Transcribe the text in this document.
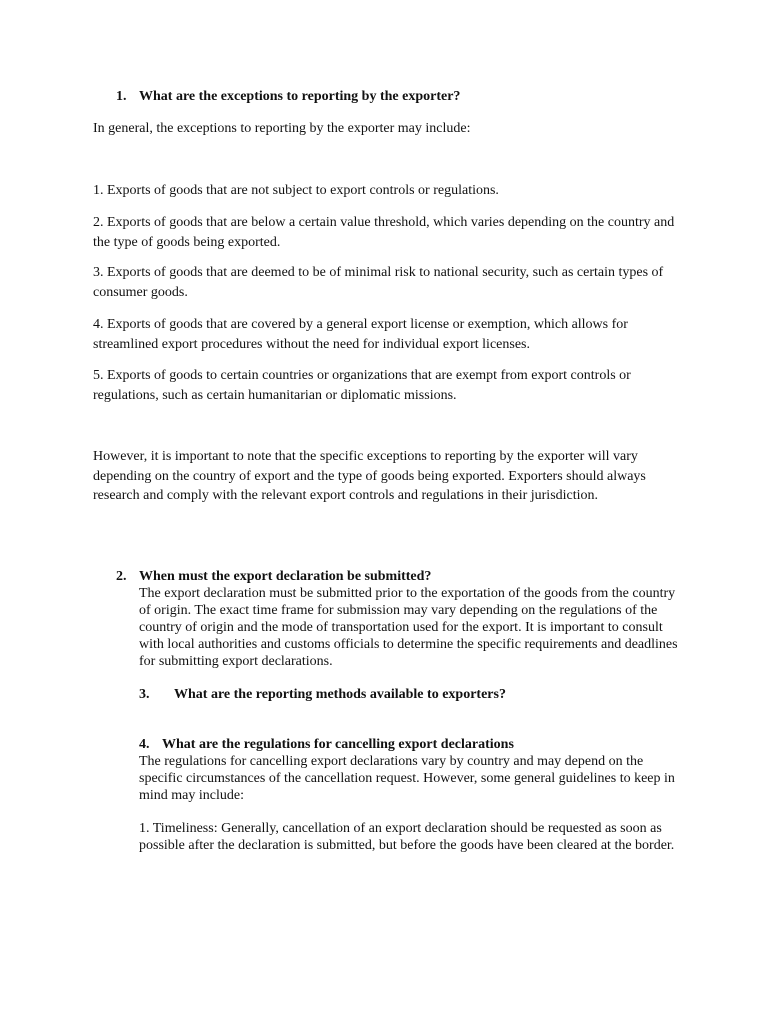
1. What are the exceptions to reporting by the exporter?
In general, the exceptions to reporting by the exporter may include:
1. Exports of goods that are not subject to export controls or regulations.
2. Exports of goods that are below a certain value threshold, which varies depending on the country and the type of goods being exported.
3. Exports of goods that are deemed to be of minimal risk to national security, such as certain types of consumer goods.
4. Exports of goods that are covered by a general export license or exemption, which allows for streamlined export procedures without the need for individual export licenses.
5. Exports of goods to certain countries or organizations that are exempt from export controls or regulations, such as certain humanitarian or diplomatic missions.
However, it is important to note that the specific exceptions to reporting by the exporter will vary depending on the country of export and the type of goods being exported. Exporters should always research and comply with the relevant export controls and regulations in their jurisdiction.
2. When must the export declaration be submitted?
The export declaration must be submitted prior to the exportation of the goods from the country of origin. The exact time frame for submission may vary depending on the regulations of the country of origin and the mode of transportation used for the export. It is important to consult with local authorities and customs officials to determine the specific requirements and deadlines for submitting export declarations.
3. What are the reporting methods available to exporters?
4. What are the regulations for cancelling export declarations
The regulations for cancelling export declarations vary by country and may depend on the specific circumstances of the cancellation request. However, some general guidelines to keep in mind may include:
1. Timeliness: Generally, cancellation of an export declaration should be requested as soon as possible after the declaration is submitted, but before the goods have been cleared at the border.
